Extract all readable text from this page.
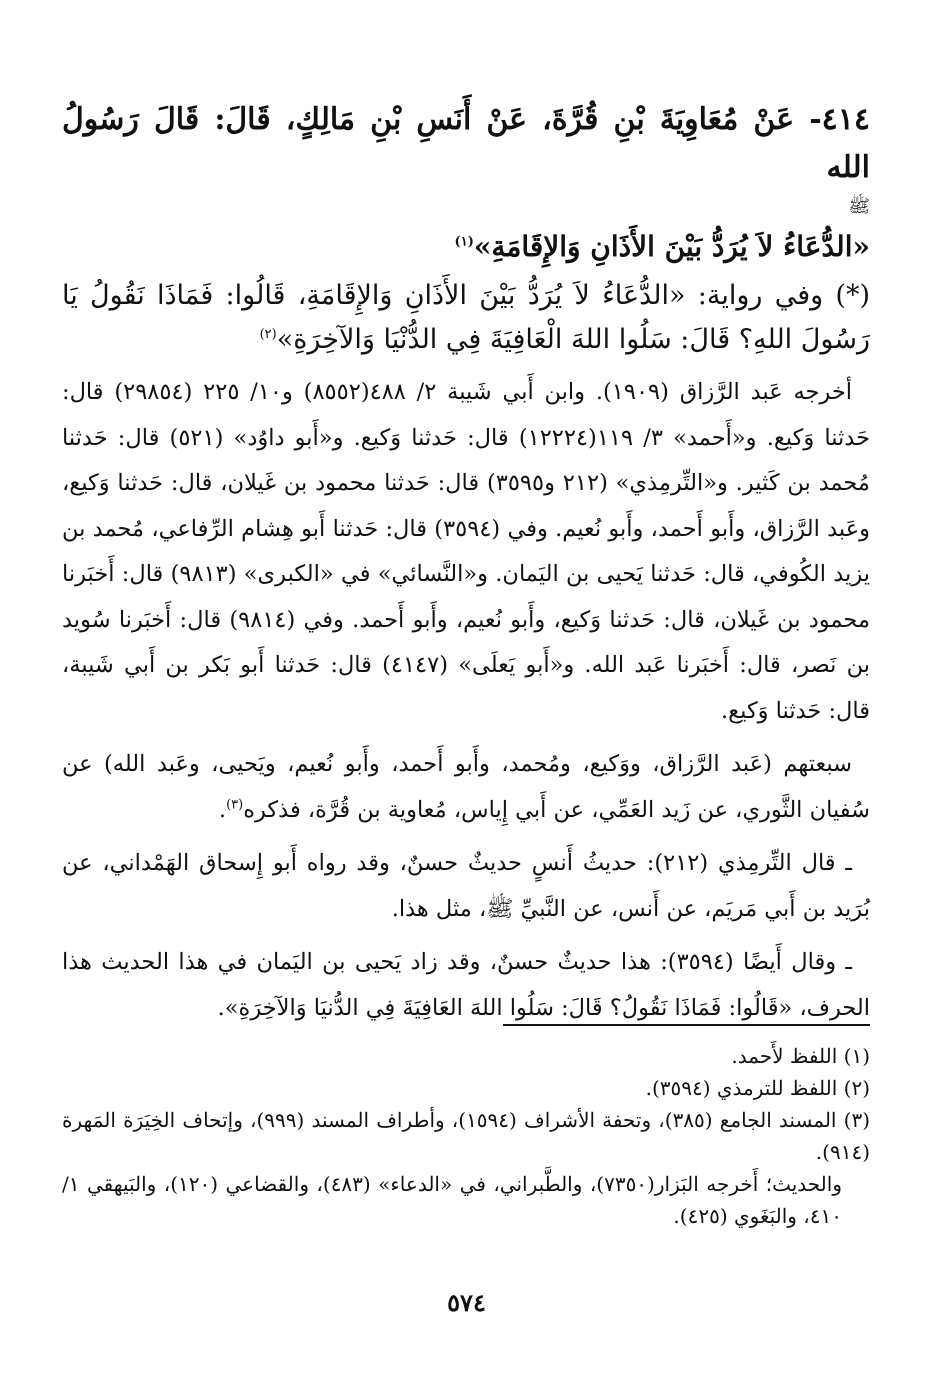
٤١٤- عَنْ مُعَاوِيَةَ بْنِ قُرَّةَ، عَنْ أَنَسِ بْنِ مَالِكٍ، قَالَ: قَالَ رَسُولُ الله
ﷺ

«الدُّعَاءُ لاَ يُرَدُّ بَيْنَ الأَذَانِ وَالإِقَامَةِ»$^{(١)}$

(*) وفي رواية: «الدُّعَاءُ لاَ يُرَدُّ بَيْنَ الأَذَانِ وَالإِقَامَةِ، قَالُوا: فَمَاذَا نَقُولُ يَا رَسُولَ اللهِ؟ قَالَ: سَلُوا اللهَ الْعَافِيَةَ فِي الدُّنْيَا وَالآخِرَةِ»$^{(٢)}$

أخرجه عَبد الرَّزاق (١٩٠٩). وابن أَبي شَيبة ٢/ ٤٨٨(٨٥٥٢) و١٠/ ٢٢٥ (٢٩٨٥٤) قال: حَدثنا وَكيع. و«أَحمد» ٣/ ١١٩(١٢٢٢٤) قال: حَدثنا وَكيع. و«أَبو داوُد» (٥٢١) قال: حَدثنا مُحمد بن كَثير. و«التِّرمِذي» (٢١٢ و٣٥٩٥) قال: حَدثنا محمود بن غَيلان، قال: حَدثنا وَكيع، وعَبد الرَّزاق، وأَبو أَحمد، وأَبو نُعيم. وفي (٣٥٩٤) قال: حَدثنا أَبو هِشام الرِّفاعي، مُحمد بن يزيد الكُوفي، قال: حَدثنا يَحيى بن اليَمان. و«النَّسائي» في «الكبرى» (٩٨١٣) قال: أَخبَرنا محمود بن غَيلان، قال: حَدثنا وَكيع، وأَبو نُعيم، وأَبو أَحمد. وفي (٩٨١٤) قال: أَخبَرنا سُويد بن نَصر، قال: أَخبَرنا عَبد الله. و«أَبو يَعلَى» (٤١٤٧) قال: حَدثنا أَبو بَكر بن أَبي شَيبة، قال: حَدثنا وَكيع.

سبعتهم (عَبد الرَّزاق، ووَكيع، ومُحمد، وأَبو أَحمد، وأَبو نُعيم، ويَحيى، وعَبد الله) عن سُفيان الثَّوري، عن زَيد العَمِّي، عن أَبي إِياس، مُعاوية بن قُرَّة، فذكره$^{(٣)}$.

ـ قال التِّرمِذي (٢١٢): حديثُ أَنسٍ حديثٌ حسنٌ، وقد رواه أَبو إِسحاق الهَمْداني، عن بُرَيد بن أَبي مَريَم، عن أَنس، عن النَّبيِّ ﷺ، مثل هذا.

ـ وقال أَيضًا (٣٥٩٤): هذا حديثٌ حسنٌ، وقد زاد يَحيى بن اليَمان في هذا الحديث هذا الحرف، «قَالُوا: فَمَاذَا نَقُولُ؟ قَالَ: سَلُوا اللهَ العَافِيَةَ فِي الدُّنيَا وَالآخِرَةِ».

(١) اللفظ لأَحمد.

(٢) اللفظ للترمذي (٣٥٩٤).

(٣) المسند الجامع (٣٨٥)، وتحفة الأشراف (١٥٩٤)، وأطراف المسند (٩٩٩)، وإتحاف الخِيَرَة المَهرة (٩١٤).

والحديث؛ أَخرجه البَزار(٧٣٥٠)، والطَّبراني، في «الدعاء» (٤٨٣)، والقضاعي (١٢٠)، والبَيهقي ١/ ٤١٠، والبَغَوي (٤٢٥).

٥٧٤
